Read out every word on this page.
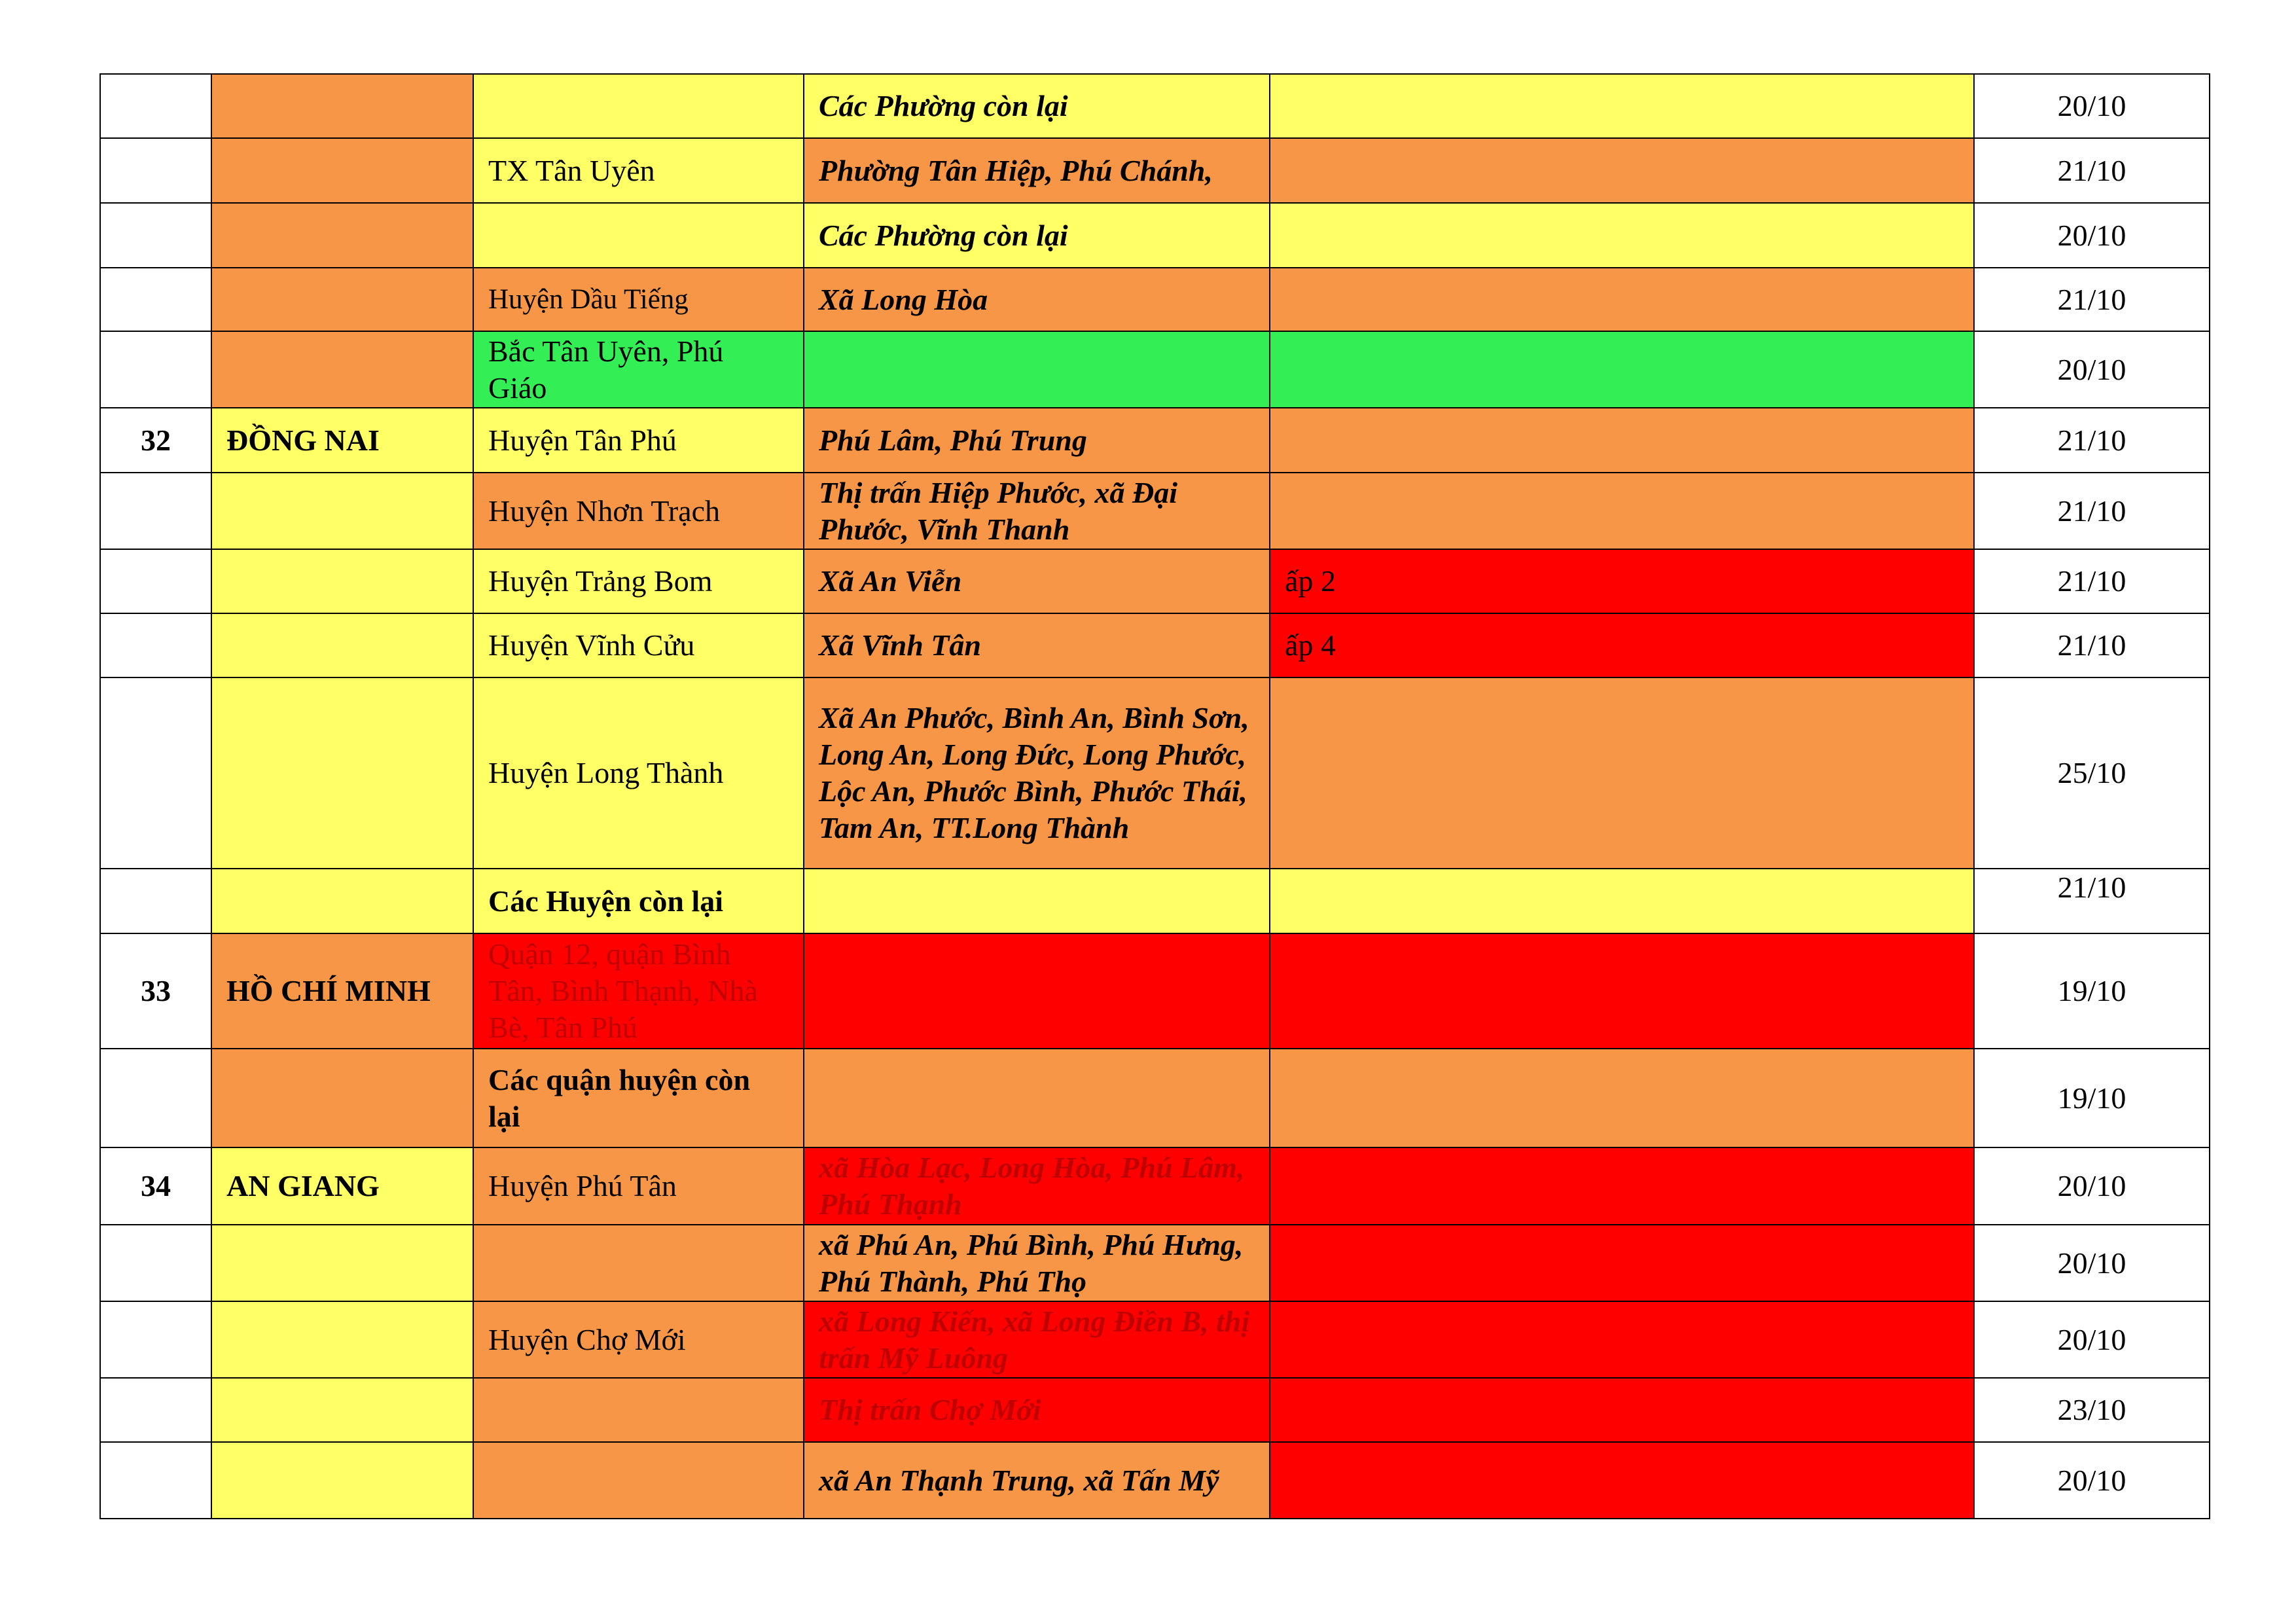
			Các Phường còn lại		20/10
		TX Tân Uyên	Phường Tân Hiệp, Phú Chánh,		21/10
			Các Phường còn lại		20/10
		Huyện Dầu Tiếng	Xã Long Hòa		21/10
		Bắc Tân Uyên, Phú Giáo			20/10
32	ĐỒNG NAI	Huyện Tân Phú	Phú Lâm, Phú Trung		21/10
		Huyện Nhơn Trạch	Thị trấn Hiệp Phước, xã Đại Phước, Vĩnh Thanh		21/10
		Huyện Trảng Bom	Xã An Viễn	ấp 2	21/10
		Huyện Vĩnh Cửu	Xã Vĩnh Tân	ấp 4	21/10
		Huyện Long Thành	Xã An Phước, Bình An, Bình Sơn, Long An, Long Đức, Long Phước, Lộc An, Phước Bình, Phước Thái, Tam An, TT.Long Thành		25/10
		Các Huyện còn lại			21/10
33	HỒ CHÍ MINH	Quận 12, quận Bình Tân, Bình Thạnh, Nhà Bè, Tân Phú			19/10
		Các quận huyện còn lại			19/10
34	AN GIANG	Huyện Phú Tân	xã Hòa Lạc, Long Hòa, Phú Lâm, Phú Thạnh		20/10
			xã Phú An, Phú Bình, Phú Hưng, Phú Thành, Phú Thọ		20/10
		Huyện Chợ Mới	xã Long Kiến, xã Long Điền B, thị trấn Mỹ Luông		20/10
			Thị trấn Chợ Mới		23/10
			xã An Thạnh Trung, xã Tấn Mỹ		20/10
